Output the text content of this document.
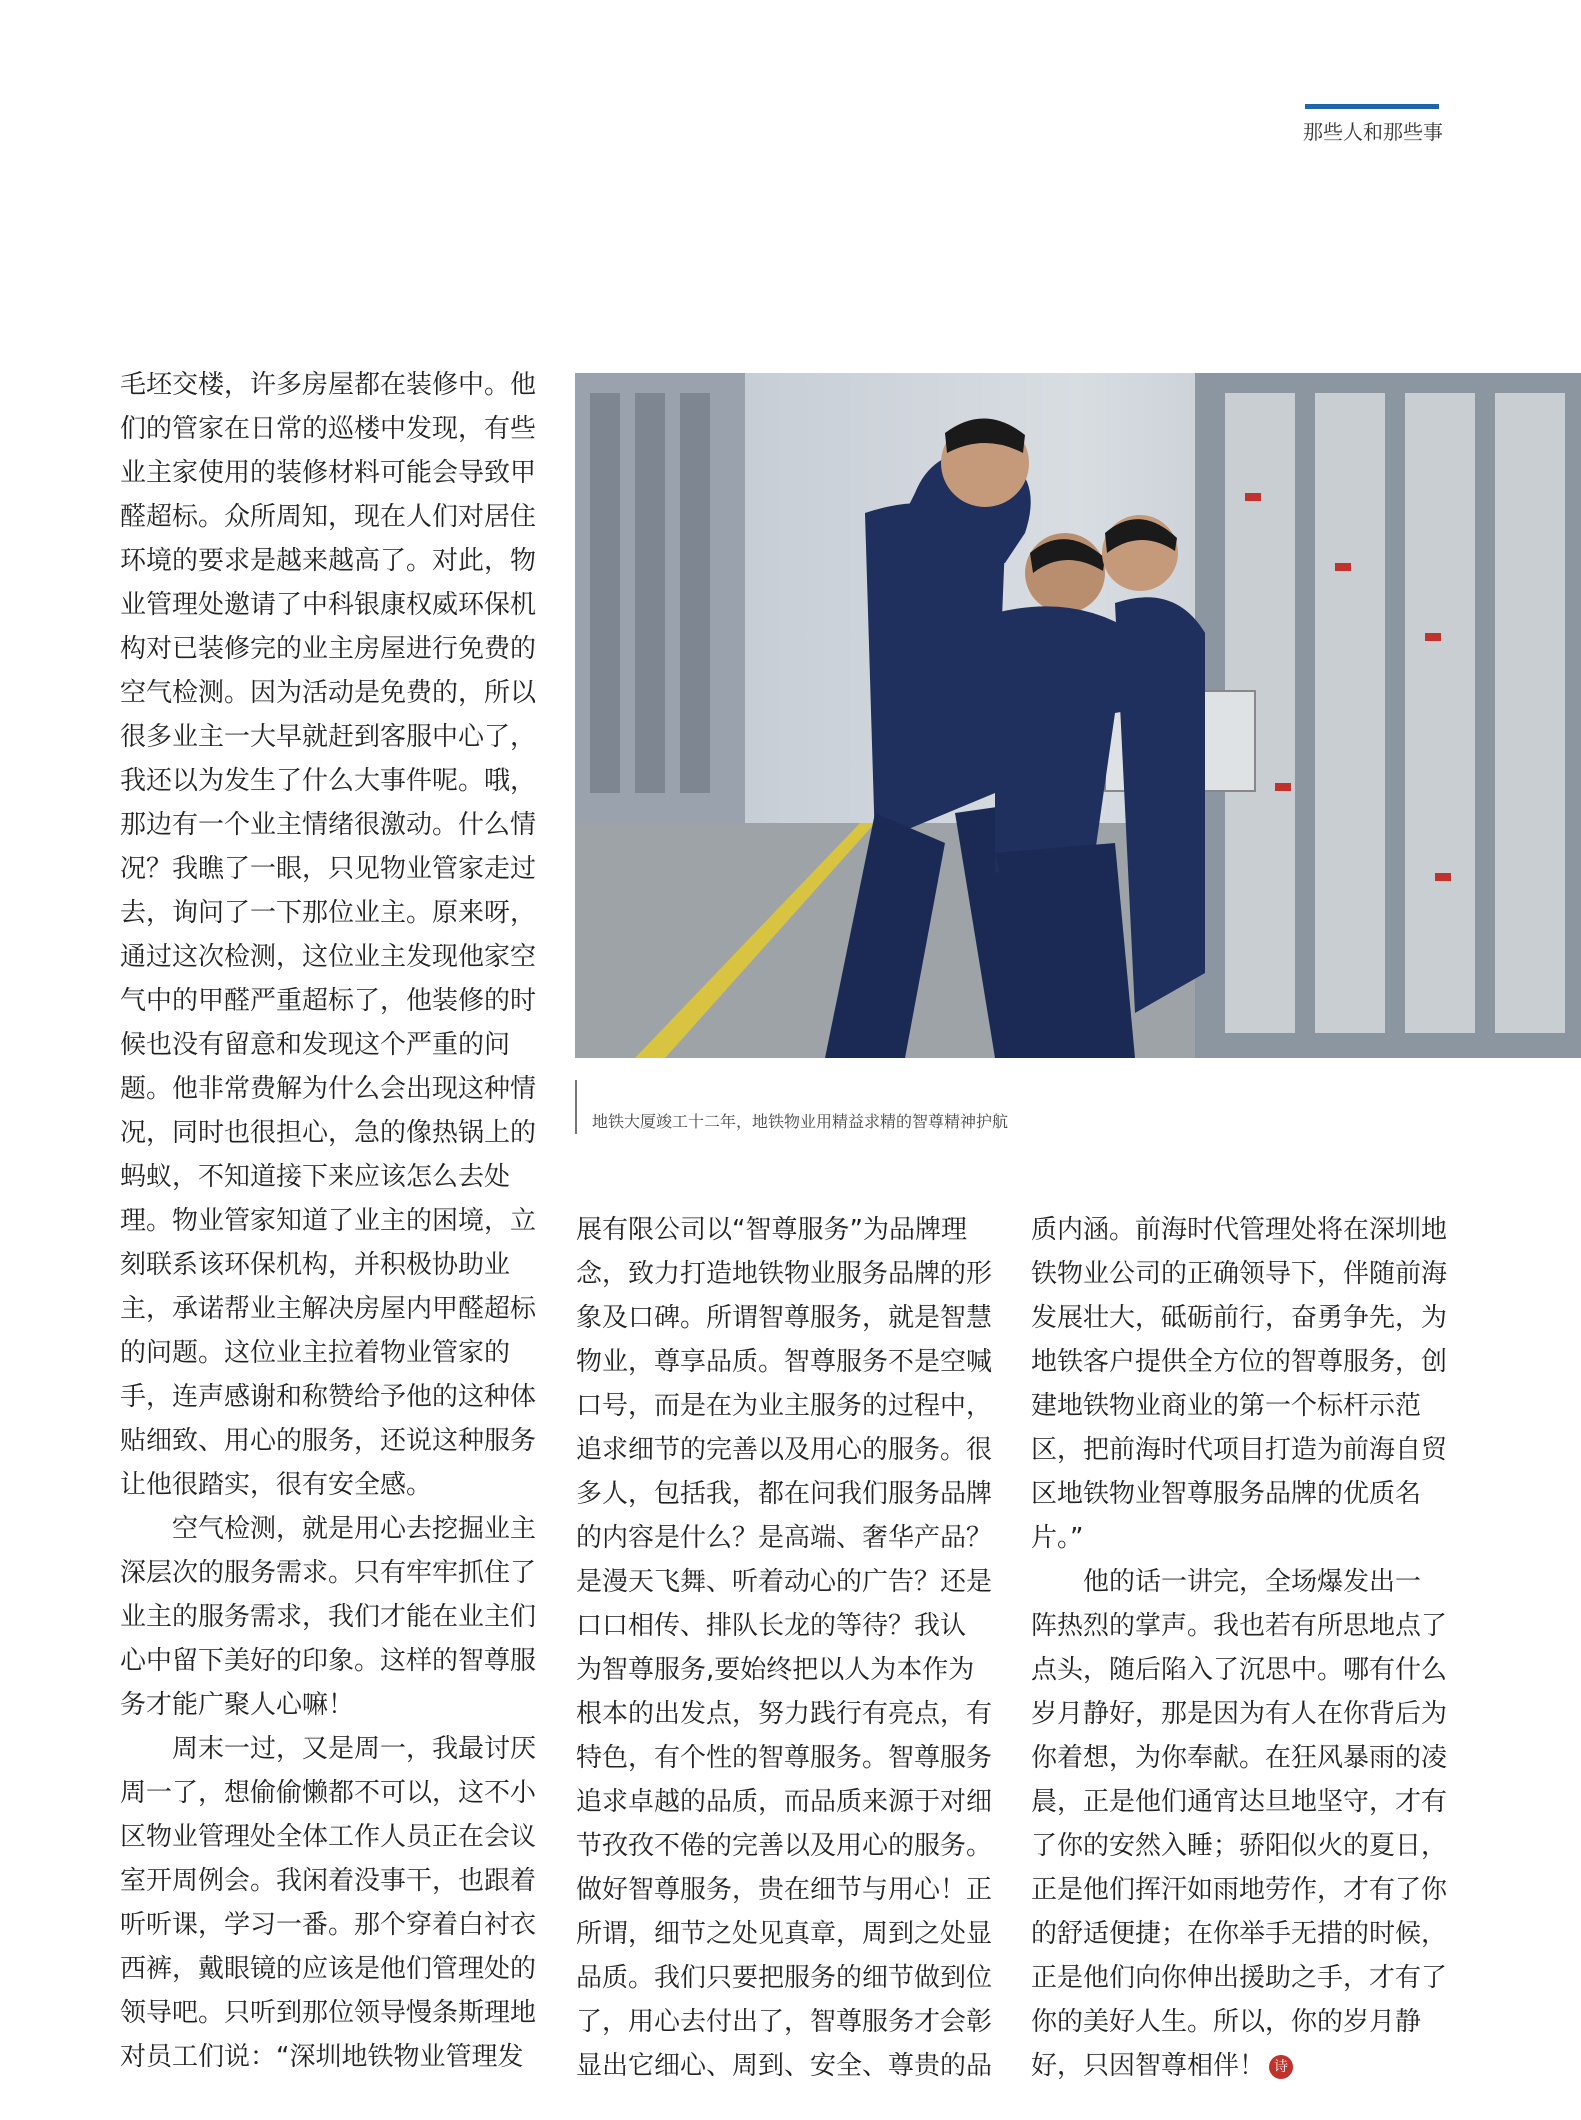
那些人和那些事
地铁大厦竣工十二年，地铁物业用精益求精的智尊精神护航

毛坯交楼，许多房屋都在装修中。他

们的管家在日常的巡楼中发现，有些

业主家使用的装修材料可能会导致甲

醛超标。众所周知，现在人们对居住

环境的要求是越来越高了。对此，物

业管理处邀请了中科银康权威环保机

构对已装修完的业主房屋进行免费的

空气检测。因为活动是免费的，所以

很多业主一大早就赶到客服中心了，

我还以为发生了什么大事件呢。哦，

那边有一个业主情绪很激动。什么情

况？我瞧了一眼，只见物业管家走过

去，询问了一下那位业主。原来呀，

通过这次检测，这位业主发现他家空

气中的甲醛严重超标了，他装修的时

候也没有留意和发现这个严重的问

题。他非常费解为什么会出现这种情

况，同时也很担心，急的像热锅上的

蚂蚁，不知道接下来应该怎么去处

理。物业管家知道了业主的困境，立

刻联系该环保机构，并积极协助业

主，承诺帮业主解决房屋内甲醛超标

的问题。这位业主拉着物业管家的

手，连声感谢和称赞给予他的这种体

贴细致、用心的服务，还说这种服务

让他很踏实，很有安全感。

空气检测，就是用心去挖掘业主

深层次的服务需求。只有牢牢抓住了

业主的服务需求，我们才能在业主们

心中留下美好的印象。这样的智尊服

务才能广聚人心嘛！

周末一过，又是周一，我最讨厌

周一了，想偷偷懒都不可以，这不小

区物业管理处全体工作人员正在会议

室开周例会。我闲着没事干，也跟着

听听课，学习一番。那个穿着白衬衣

西裤，戴眼镜的应该是他们管理处的

领导吧。只听到那位领导慢条斯理地

对员工们说：“深圳地铁物业管理发

展有限公司以“智尊服务”为品牌理

念，致力打造地铁物业服务品牌的形

象及口碑。所谓智尊服务，就是智慧

物业，尊享品质。智尊服务不是空喊

口号，而是在为业主服务的过程中，

追求细节的完善以及用心的服务。很

多人，包括我，都在问我们服务品牌

的内容是什么？是高端、奢华产品？

是漫天飞舞、听着动心的广告？还是

口口相传、排队长龙的等待？我认

为智尊服务,要始终把以人为本作为

根本的出发点，努力践行有亮点，有

特色，有个性的智尊服务。智尊服务

追求卓越的品质，而品质来源于对细

节孜孜不倦的完善以及用心的服务。

做好智尊服务，贵在细节与用心！正

所谓，细节之处见真章，周到之处显

品质。我们只要把服务的细节做到位

了，用心去付出了，智尊服务才会彰

显出它细心、周到、安全、尊贵的品

质内涵。前海时代管理处将在深圳地

铁物业公司的正确领导下，伴随前海

发展壮大，砥砺前行，奋勇争先，为

地铁客户提供全方位的智尊服务，创

建地铁物业商业的第一个标杆示范

区，把前海时代项目打造为前海自贸

区地铁物业智尊服务品牌的优质名

片。”

他的话一讲完，全场爆发出一

阵热烈的掌声。我也若有所思地点了

点头，随后陷入了沉思中。哪有什么

岁月静好，那是因为有人在你背后为

你着想，为你奉献。在狂风暴雨的凌

晨，正是他们通宵达旦地坚守，才有

了你的安然入睡；骄阳似火的夏日，

正是他们挥汗如雨地劳作，才有了你

的舒适便捷；在你举手无措的时候，

正是他们向你伸出援助之手，才有了

你的美好人生。所以，你的岁月静

好，只因智尊相伴！ 诗
